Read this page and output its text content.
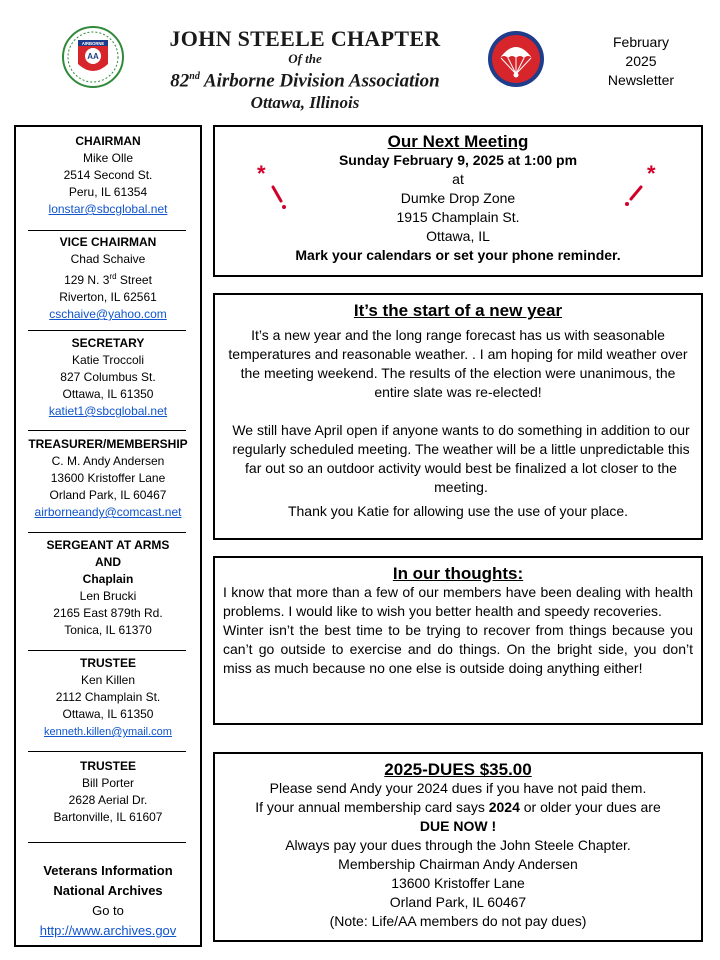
AA
AIRBORNE	JOHN STEELE CHAPTER
Of the
82nd Airborne Division Association
Ottawa, Illinois
February
2025
Newsletter
CHAIRMAN
Mike Olle
2514 Second St.
Peru, IL 61354
lonstar@sbcglobal.net
VICE CHAIRMAN
Chad Schaive
129 N. 3rd Street
Riverton, IL 62561
cschaive@yahoo.com
SECRETARY
Katie Troccoli
827 Columbus St.
Ottawa, IL 61350
katiet1@sbcglobal.net
TREASURER/MEMBERSHIP
C. M. Andy Andersen
13600 Kristoffer Lane
Orland Park, IL 60467
airborneandy@comcast.net
SERGEANT AT ARMS
AND
Chaplain
Len Brucki
2165 East 879th Rd.
Tonica, IL 61370
TRUSTEE
Ken Killen
2112 Champlain St.
Ottawa, IL 61350
kenneth.killen@ymail.com
TRUSTEE
Bill Porter
2628 Aerial Dr.
Bartonville, IL 61607
Veterans Information
National Archives
Go to
http://www.archives.gov
Our Next Meeting
Sunday February 9, 2025 at 1:00 pm
at
Dumke Drop Zone
1915 Champlain St.
Ottawa, IL
Mark your calendars or set your phone reminder.
*	*
It’s the start of a new year
It’s a new year and the long range forecast has us with seasonable temperatures and reasonable weather. . I am hoping for mild weather over the meeting weekend. The results of the election were unanimous, the entire slate was re-elected!
We still have April open if anyone wants to do something in addition to our regularly scheduled meeting. The weather will be a little unpredictable this far out so an outdoor activity would best be finalized a lot closer to the meeting.
Thank you Katie for allowing use the use of your place.
In our thoughts:
I know that more than a few of our members have been dealing with health problems. I would like to wish you better health and speedy recoveries.
Winter isn’t the best time to be trying to recover from things because you can’t go outside to exercise and do things. On the bright side, you don’t miss as much because no one else is outside doing anything either!
2025-DUES $35.00
Please send Andy your 2024 dues if you have not paid them.
If your annual membership card says 2024 or older your dues are
DUE NOW !
Always pay your dues through the John Steele Chapter.
Membership Chairman Andy Andersen
13600 Kristoffer Lane
Orland Park, IL 60467
(Note: Life/AA members do not pay dues)
